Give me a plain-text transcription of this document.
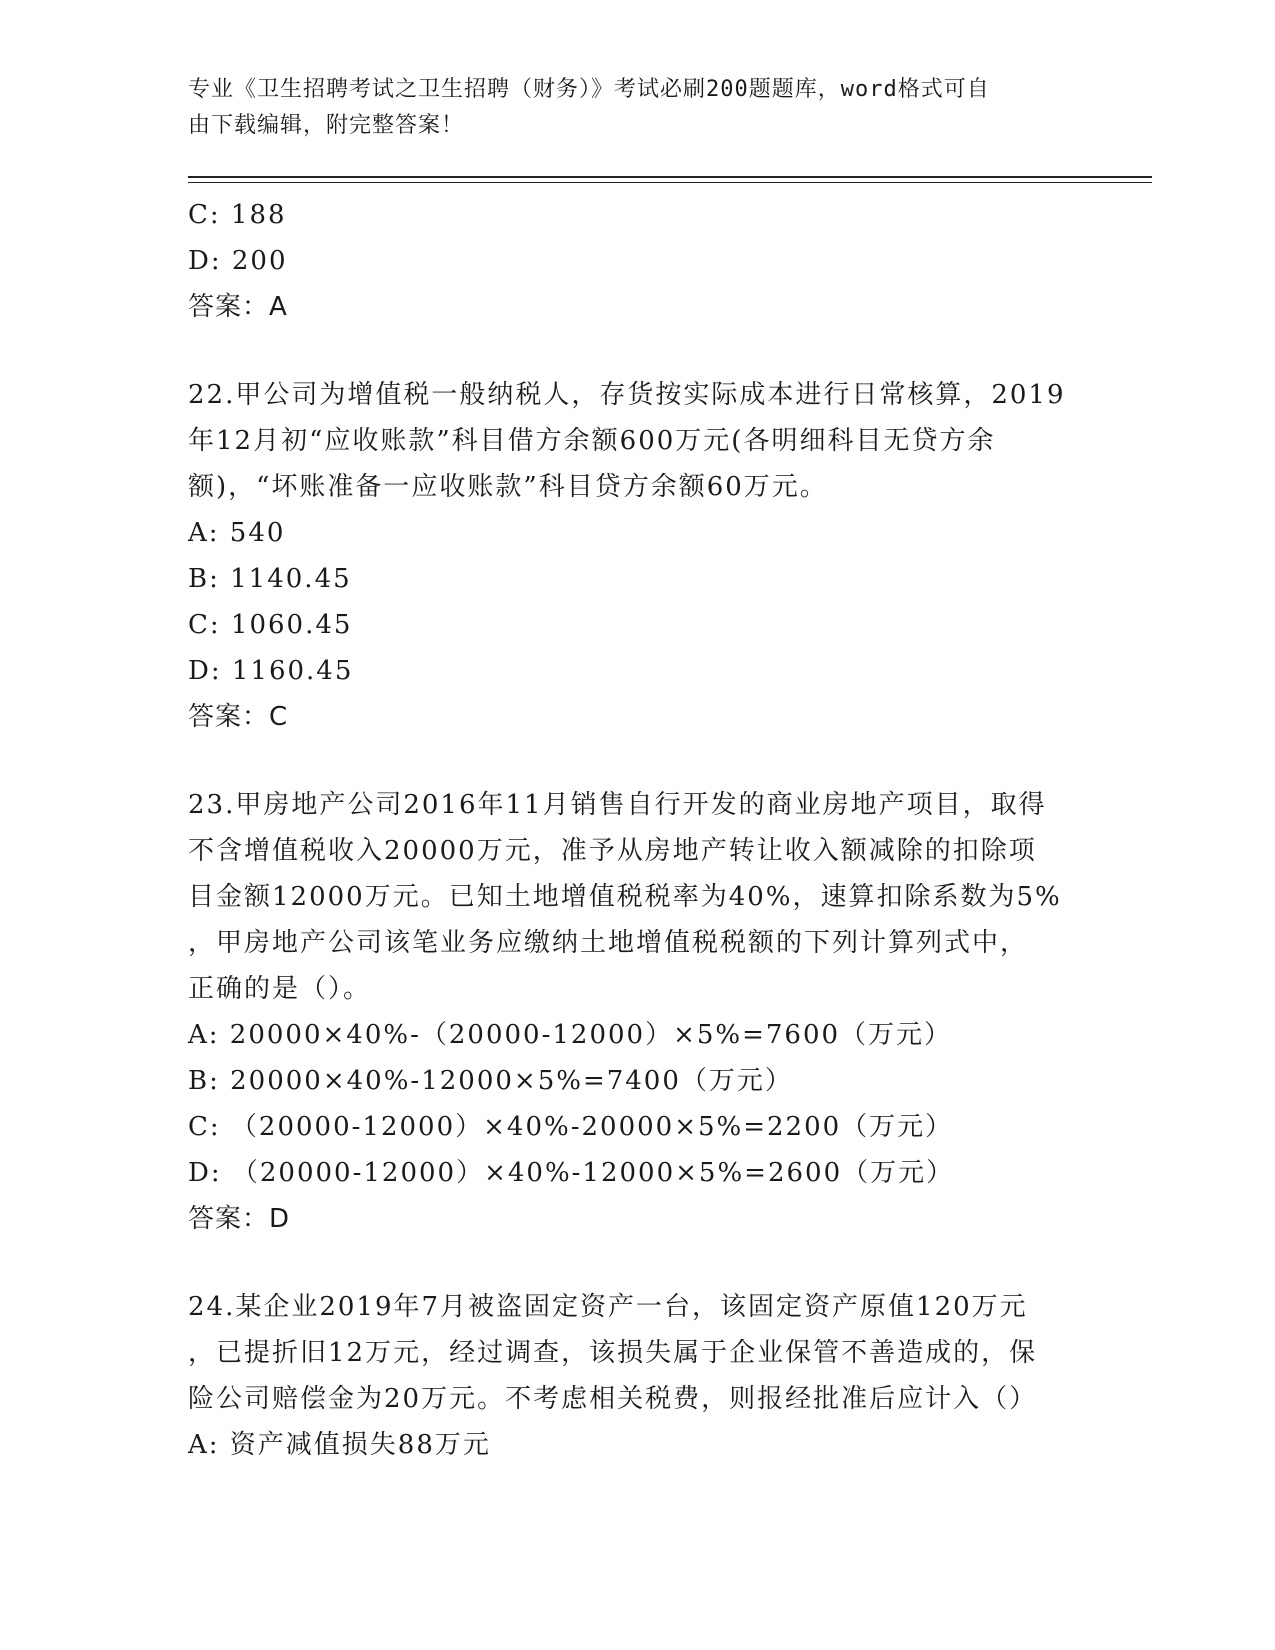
专业《卫生招聘考试之卫生招聘（财务）》考试必刷200题题库，word格式可自
由下载编辑，附完整答案！
C: 188
D: 200
答案：A
22.甲公司为增值税一般纳税人，存货按实际成本进行日常核算，2019
年12月初“应收账款”科目借方余额600万元(各明细科目无贷方余
额)，“坏账准备一应收账款”科目贷方余额60万元。
A: 540
B: 1140.45
C: 1060.45
D: 1160.45
答案：C
23.甲房地产公司2016年11月销售自行开发的商业房地产项目，取得
不含增值税收入20000万元，准予从房地产转让收入额减除的扣除项
目金额12000万元。已知土地增值税税率为40%，速算扣除系数为5%
，甲房地产公司该笔业务应缴纳土地增值税税额的下列计算列式中，
正确的是（）。
A: 20000×40%-（20000-12000）×5%=7600（万元）
B: 20000×40%-12000×5%=7400（万元）
C: （20000-12000）×40%-20000×5%=2200（万元）
D: （20000-12000）×40%-12000×5%=2600（万元）
答案：D
24.某企业2019年7月被盗固定资产一台，该固定资产原值120万元
，已提折旧12万元，经过调查，该损失属于企业保管不善造成的，保
险公司赔偿金为20万元。不考虑相关税费，则报经批准后应计入（）
A: 资产减值损失88万元
